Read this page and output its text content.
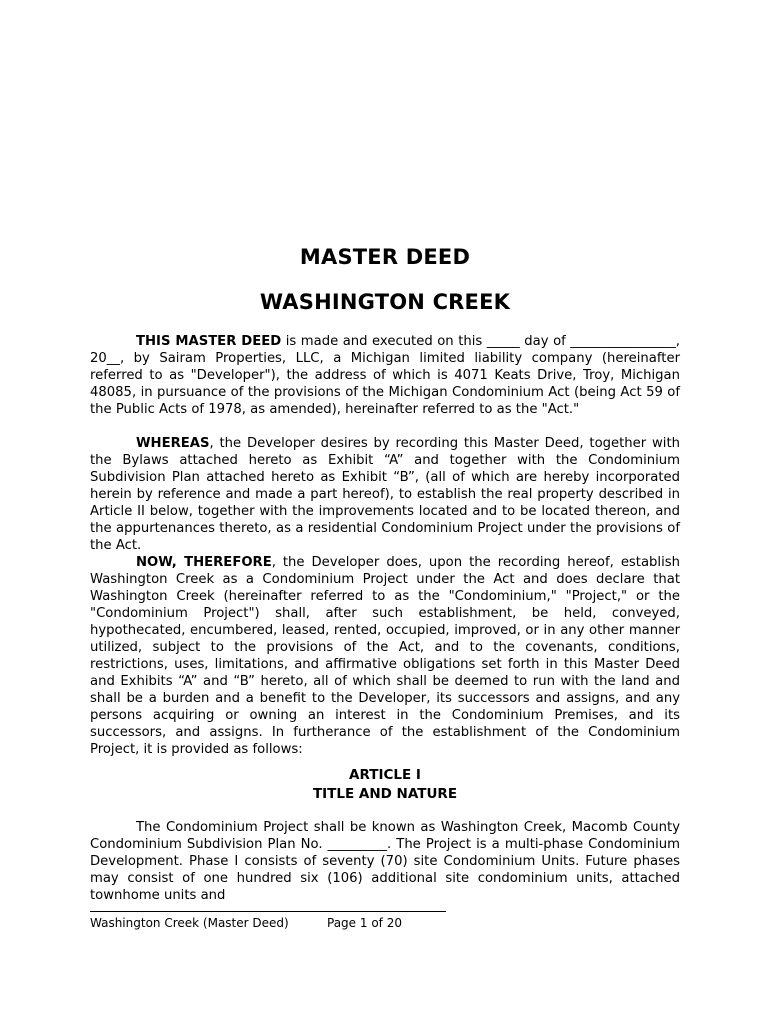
MASTER DEED
WASHINGTON CREEK

THIS MASTER DEED is made and executed on this _____ day of ________________, 20__, by Sairam Properties, LLC, a Michigan limited liability company (hereinafter referred to as "Developer"), the address of which is 4071 Keats Drive, Troy, Michigan 48085, in pursuance of the provisions of the Michigan Condominium Act (being Act 59 of the Public Acts of 1978, as amended), hereinafter referred to as the "Act."

WHEREAS, the Developer desires by recording this Master Deed, together with the Bylaws attached hereto as Exhibit “A” and together with the Condominium Subdivision Plan attached hereto as Exhibit “B”, (all of which are hereby incorporated herein by reference and made a part hereof), to establish the real property described in Article II below, together with the improvements located and to be located thereon, and the appurtenances thereto, as a residential Condominium Project under the provisions of the Act.

NOW, THEREFORE, the Developer does, upon the recording hereof, establish Washington Creek as a Condominium Project under the Act and does declare that Washington Creek (hereinafter referred to as the "Condominium," "Project," or the "Condominium Project") shall, after such establishment, be held, conveyed, hypothecated, encumbered, leased, rented, occupied, improved, or in any other manner utilized, subject to the provisions of the Act, and to the covenants, conditions, restrictions, uses, limitations, and affirmative obligations set forth in this Master Deed and Exhibits “A” and “B” hereto, all of which shall be deemed to run with the land and shall be a burden and a benefit to the Developer, its successors and assigns, and any persons acquiring or owning an interest in the Condominium Premises, and its successors, and assigns. In furtherance of the establishment of the Condominium Project, it is provided as follows:

ARTICLE I
TITLE AND NATURE

The Condominium Project shall be known as Washington Creek, Macomb County Condominium Subdivision Plan No. _________. The Project is a multi-phase Condominium Development. Phase I consists of seventy (70) site Condominium Units. Future phases may consist of one hundred six (106) additional site condominium units, attached townhome units and

Washington Creek (Master Deed)	Page 1 of 20
